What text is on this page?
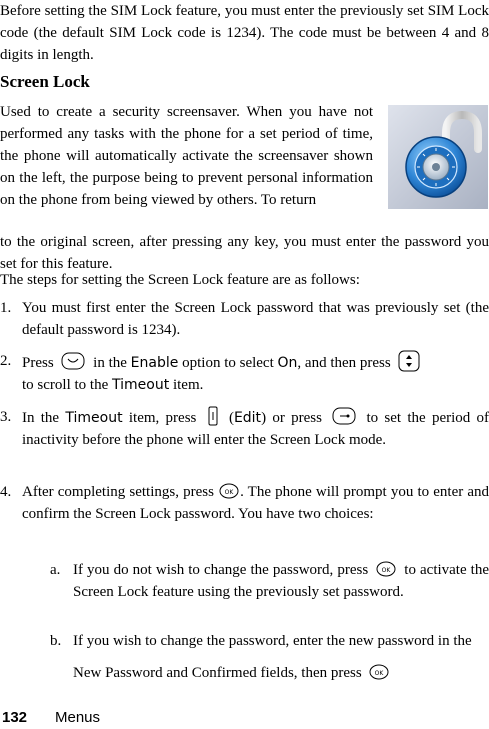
Before setting the SIM Lock feature, you must enter the previously set SIM Lock code (the default SIM Lock code is 1234). The code must be between 4 and 8 digits in length.

Screen Lock

Used to create a security screensaver. When you have not performed any tasks with the phone for a set period of time, the phone will automatically activate the screensaver shown on the left, the purpose being to prevent personal information on the phone from being viewed by others. To return

to the original screen, after pressing any key, you must enter the password you set for this feature.

The steps for setting the Screen Lock feature are as follows:

1. You must first enter the Screen Lock password that was previously set (the default password is 1234).

2. Press	in the Enable option to select On, and then press
to scroll to the Timeout item.

3. In the Timeout item, press (Edit) or press	to set the period of inactivity before the phone will enter the Screen Lock mode.

4. After completing settings, press OK . The phone will prompt you to enter and confirm the Screen Lock password. You have two choices:

a. If you do not wish to change the password, press OK to activate the Screen Lock feature using the previously set password.

b. If you wish to change the password, enter the new password in the New Password and Confirmed fields, then press OK

132 Menus
